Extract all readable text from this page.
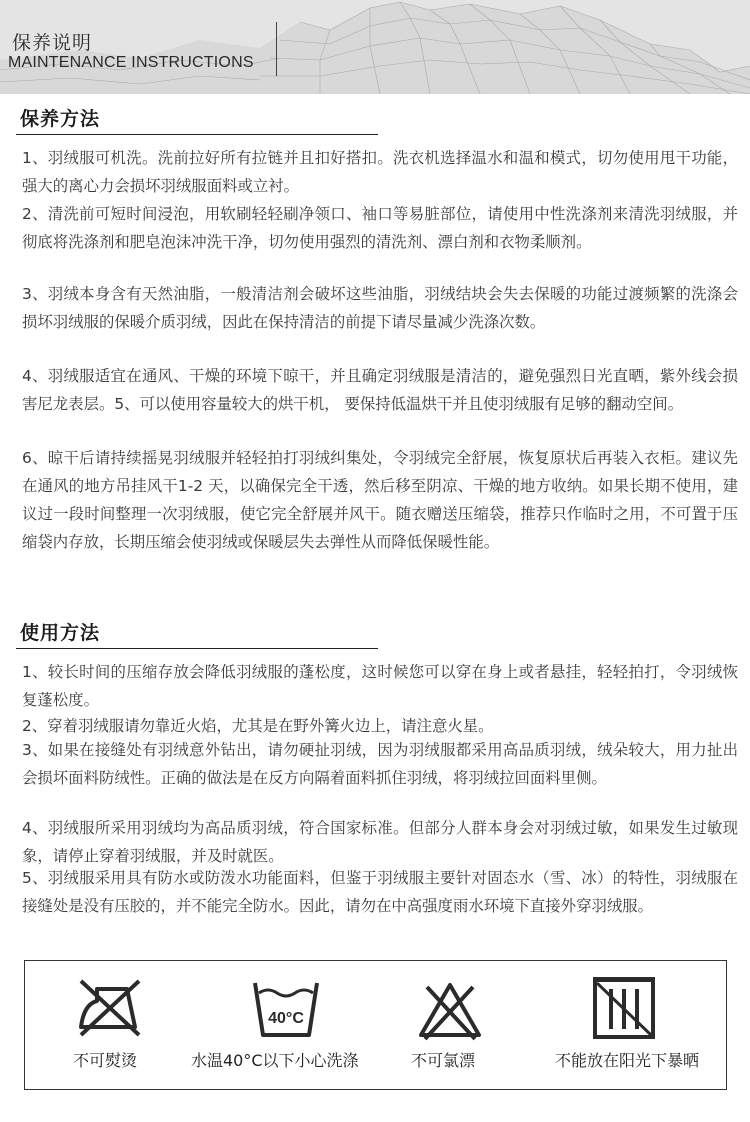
保养说明
MAINTENANCE INSTRUCTIONS
保养方法

1、羽绒服可机洗。洗前拉好所有拉链并且扣好搭扣。洗衣机选择温水和温和模式，切勿使用甩干功能，强大的离心力会损坏羽绒服面料或立衬。

2、清洗前可短时间浸泡，用软刷轻轻刷净领口、袖口等易脏部位，请使用中性洗涤剂来清洗羽绒服，并彻底将洗涤剂和肥皂泡沫冲洗干净，切勿使用强烈的清洗剂、漂白剂和衣物柔顺剂。

3、羽绒本身含有天然油脂，一般清洁剂会破坏这些油脂，羽绒结块会失去保暖的功能过渡频繁的洗涤会损坏羽绒服的保暖介质羽绒，因此在保持清洁的前提下请尽量减少洗涤次数。

4、羽绒服适宜在通风、干燥的环境下晾干，并且确定羽绒服是清洁的，避免强烈日光直晒，紫外线会损害尼龙表层。5、可以使用容量较大的烘干机， 要保持低温烘干并且使羽绒服有足够的翻动空间。

6、晾干后请持续摇晃羽绒服并轻轻拍打羽绒纠集处，令羽绒完全舒展，恢复原状后再装入衣柜。建议先在通风的地方吊挂风干1-2 天，以确保完全干透，然后移至阴凉、干燥的地方收纳。如果长期不使用，建议过一段时间整理一次羽绒服，使它完全舒展并风干。随衣赠送压缩袋，推荐只作临时之用，不可置于压缩袋内存放，长期压缩会使羽绒或保暖层失去弹性从而降低保暖性能。

使用方法

1、较长时间的压缩存放会降低羽绒服的蓬松度，这时候您可以穿在身上或者悬挂，轻轻拍打，令羽绒恢复蓬松度。

2、穿着羽绒服请勿靠近火焰，尤其是在野外篝火边上，请注意火星。

3、如果在接缝处有羽绒意外钻出，请勿硬扯羽绒，因为羽绒服都采用高品质羽绒，绒朵较大，用力扯出会损坏面料防绒性。正确的做法是在反方向隔着面料抓住羽绒，将羽绒拉回面料里侧。

4、羽绒服所采用羽绒均为高品质羽绒，符合国家标准。但部分人群本身会对羽绒过敏，如果发生过敏现象，请停止穿着羽绒服，并及时就医。

5、羽绒服采用具有防水或防泼水功能面料，但鉴于羽绒服主要针对固态水（雪、冰）的特性，羽绒服在接缝处是没有压胶的，并不能完全防水。因此，请勿在中高强度雨水环境下直接外穿羽绒服。

不可熨烫
40°C
水温40°C以下小心洗涤	不可氯漂	不能放在阳光下暴晒
